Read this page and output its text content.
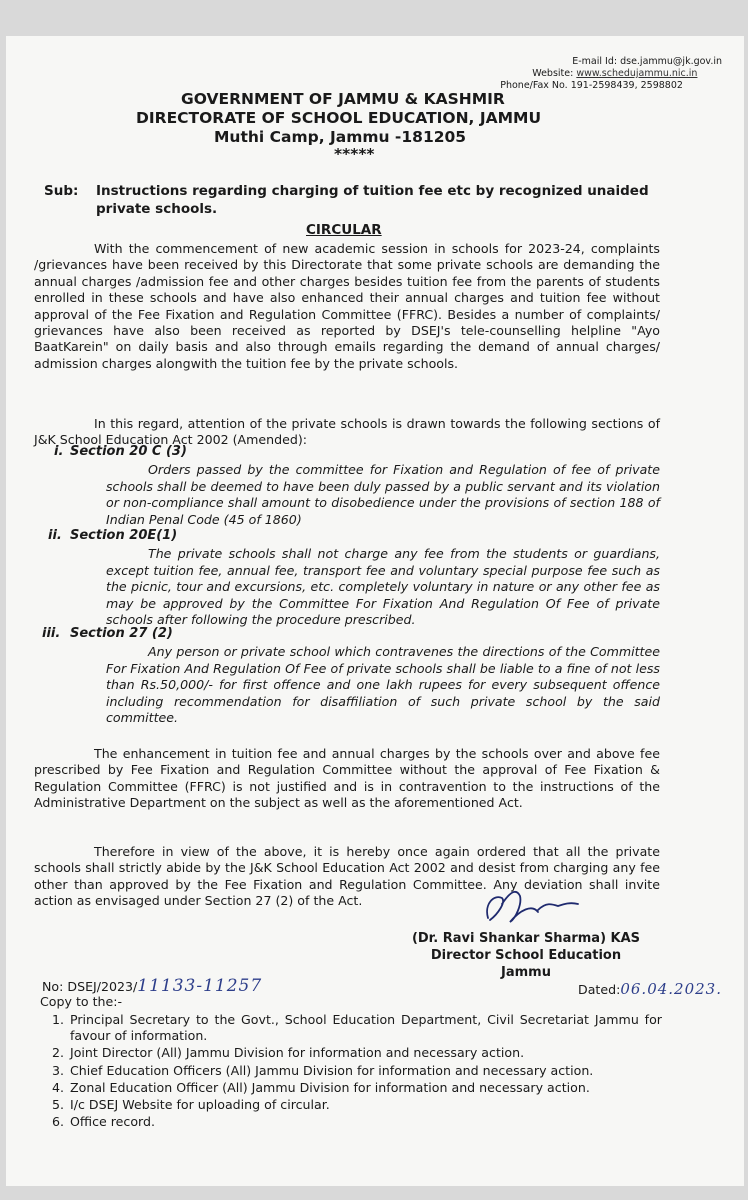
E-mail Id: dse.jammu@jk.gov.in
Website: www.schedujammu.nic.in
Phone/Fax No. 191-2598439, 2598802
GOVERNMENT OF JAMMU & KASHMIR
DIRECTORATE OF SCHOOL EDUCATION, JAMMU
Muthi Camp, Jammu -181205
*****
Sub: Instructions regarding charging of tuition fee etc by recognized unaided private schools.
CIRCULAR
With the commencement of new academic session in schools for 2023-24, complaints /grievances have been received by this Directorate that some private schools are demanding the annual charges /admission fee and other charges besides tuition fee from the parents of students enrolled in these schools and have also enhanced their annual charges and tuition fee without approval of the Fee Fixation and Regulation Committee (FFRC). Besides a number of complaints/ grievances have also been received as reported by DSEJ's tele-counselling helpline "Ayo BaatKarein" on daily basis and also through emails regarding the demand of annual charges/ admission charges alongwith the tuition fee by the private schools.
In this regard, attention of the private schools is drawn towards the following sections of J&K School Education Act 2002 (Amended):
i. Section 20 C (3)
Orders passed by the committee for Fixation and Regulation of fee of private schools shall be deemed to have been duly passed by a public servant and its violation or non-compliance shall amount to disobedience under the provisions of section 188 of Indian Penal Code (45 of 1860)
ii. Section 20E(1)
The private schools shall not charge any fee from the students or guardians, except tuition fee, annual fee, transport fee and voluntary special purpose fee such as the picnic, tour and excursions, etc. completely voluntary in nature or any other fee as may be approved by the Committee For Fixation And Regulation Of Fee of private schools after following the procedure prescribed.
iii. Section 27 (2)
Any person or private school which contravenes the directions of the Committee For Fixation And Regulation Of Fee of private schools shall be liable to a fine of not less than Rs.50,000/- for first offence and one lakh rupees for every subsequent offence including recommendation for disaffiliation of such private school by the said committee.
The enhancement in tuition fee and annual charges by the schools over and above fee prescribed by Fee Fixation and Regulation Committee without the approval of Fee Fixation & Regulation Committee (FFRC) is not justified and is in contravention to the instructions of the Administrative Department on the subject as well as the aforementioned Act.
Therefore in view of the above, it is hereby once again ordered that all the private schools shall strictly abide by the J&K School Education Act 2002 and desist from charging any fee other than approved by the Fee Fixation and Regulation Committee. Any deviation shall invite action as envisaged under Section 27 (2) of the Act.
(Dr. Ravi Shankar Sharma) KAS
Director School Education
Jammu
No: DSEJ/2023/11133-11257	Dated:06.04.2023.
Copy to the:-
1. Principal Secretary to the Govt., School Education Department, Civil Secretariat Jammu for favour of information.
2. Joint Director (All) Jammu Division for information and necessary action.
3. Chief Education Officers (All) Jammu Division for information and necessary action.
4. Zonal Education Officer (All) Jammu Division for information and necessary action.
5. I/c DSEJ Website for uploading of circular.
6. Office record.
